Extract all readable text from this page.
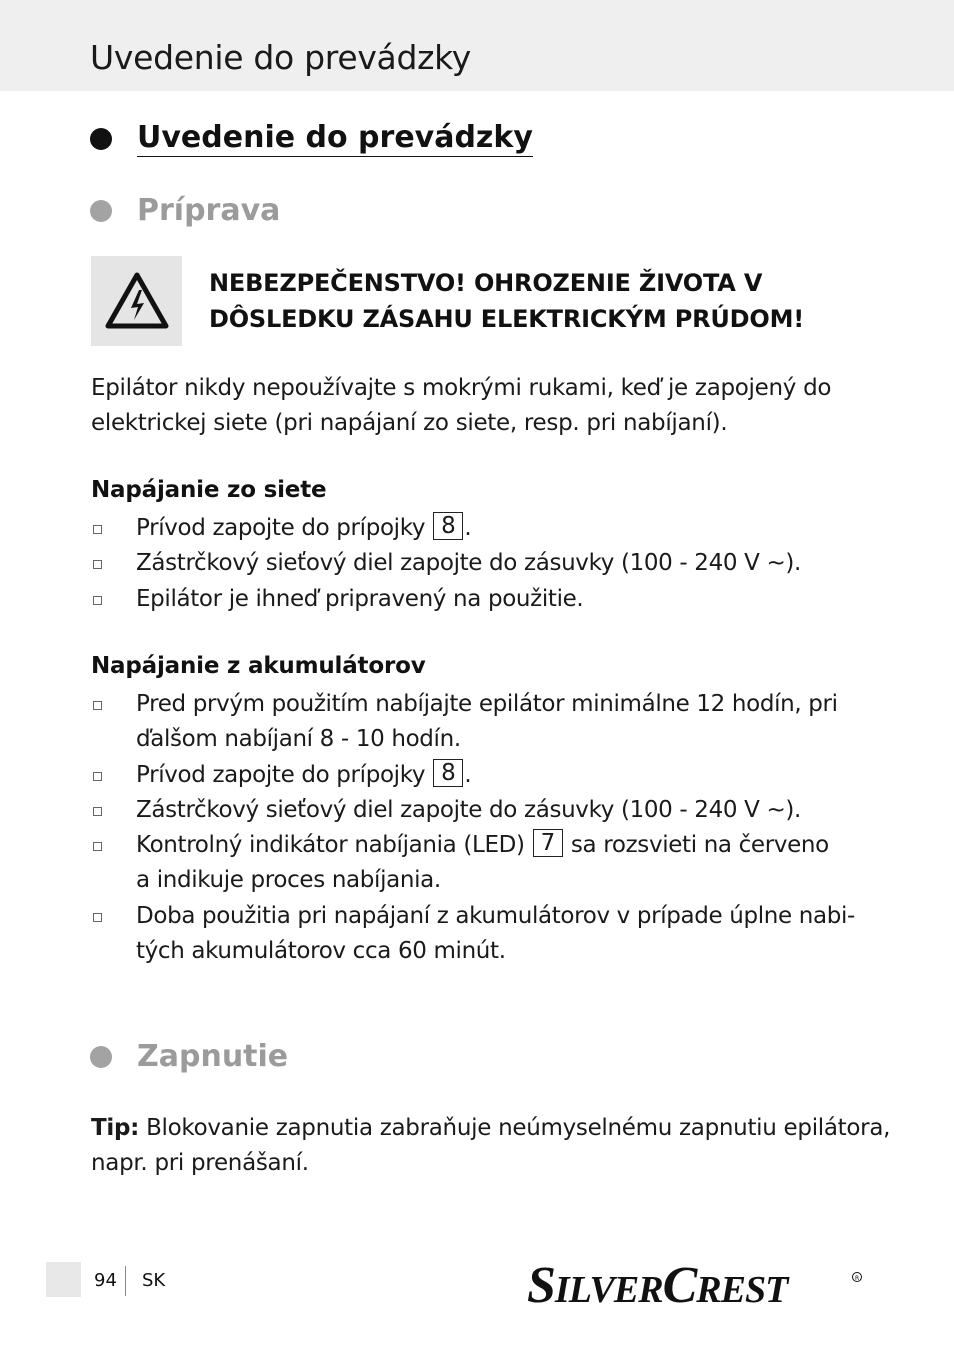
Uvedenie do prevádzky
Uvedenie do prevádzky
Príprava
NEBEZPEČENSTVO! OHROZENIE ŽIVOTA V
DÔSLEDKU ZÁSAHU ELEKTRICKÝM PRÚDOM!
Epilátor nikdy nepoužívajte s mokrými rukami, keď je zapojený do
elektrickej siete (pri napájaní zo siete, resp. pri nabíjaní).
Napájanie zo siete
Prívod zapojte do prípojky 8 .
Zástrčkový sieťový diel zapojte do zásuvky (100 - 240 V ~).
Epilátor je ihneď pripravený na použitie.
Napájanie z akumulátorov
Pred prvým použitím nabíjajte epilátor minimálne 12 hodín, pri
ďalšom nabíjaní 8 - 10 hodín.
Prívod zapojte do prípojky 8 .
Zástrčkový sieťový diel zapojte do zásuvky (100 - 240 V ~).
Kontrolný indikátor nabíjania (LED) 7 sa rozsvieti na červeno
a indikuje proces nabíjania.
Doba použitia pri napájaní z akumulátorov v prípade úplne nabi-
tých akumulátorov cca 60 minút.
Zapnutie
Tip: Blokovanie zapnutia zabraňuje neúmyselnému zapnutiu epilátora,
napr. pri prenášaní.
94 SK	SILVERCREST	R
